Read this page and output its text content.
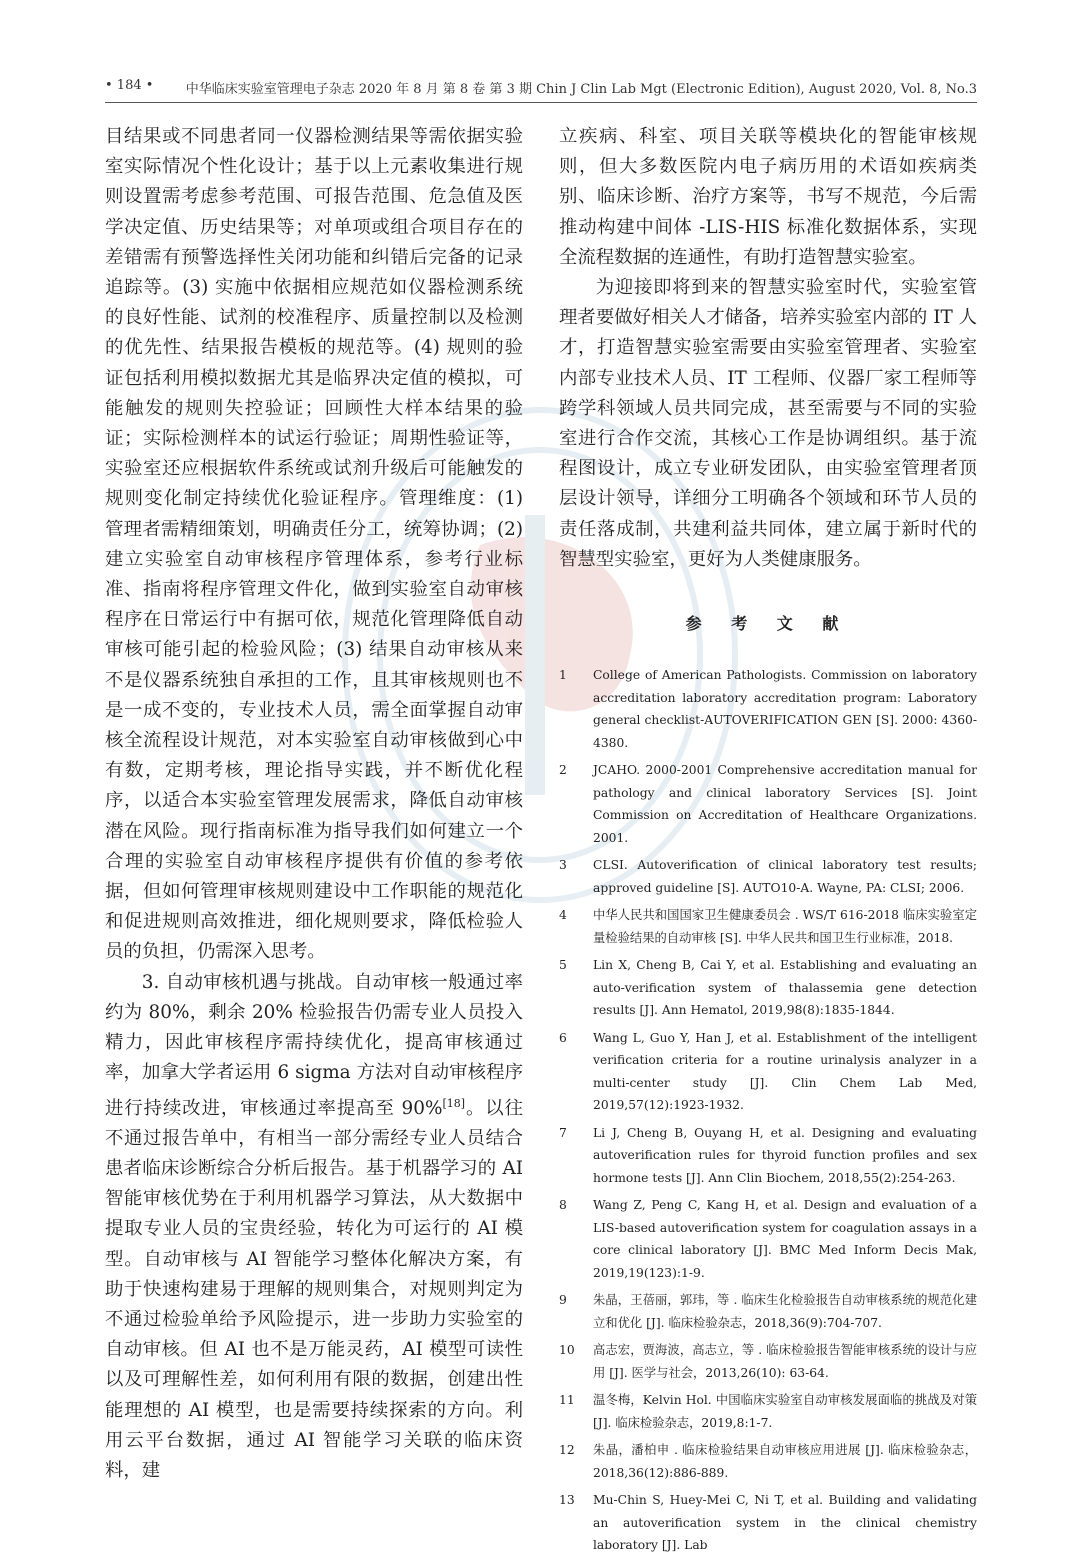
• 184 • 中华临床实验室管理电子杂志 2020 年 8 月 第 8 卷 第 3 期 Chin J Clin Lab Mgt (Electronic Edition), August 2020, Vol. 8, No.3

目结果或不同患者同一仪器检测结果等需依据实验室实际情况个性化设计；基于以上元素收集进行规则设置需考虑参考范围、可报告范围、危急值及医学决定值、历史结果等；对单项或组合项目存在的差错需有预警选择性关闭功能和纠错后完备的记录追踪等。(3) 实施中依据相应规范如仪器检测系统的良好性能、试剂的校准程序、质量控制以及检测的优先性、结果报告模板的规范等。(4) 规则的验证包括利用模拟数据尤其是临界决定值的模拟，可能触发的规则失控验证；回顾性大样本结果的验证；实际检测样本的试运行验证；周期性验证等，实验室还应根据软件系统或试剂升级后可能触发的规则变化制定持续优化验证程序。管理维度：(1) 管理者需精细策划，明确责任分工，统筹协调；(2) 建立实验室自动审核程序管理体系，参考行业标准、指南将程序管理文件化，做到实验室自动审核程序在日常运行中有据可依，规范化管理降低自动审核可能引起的检验风险；(3) 结果自动审核从来不是仪器系统独自承担的工作，且其审核规则也不是一成不变的，专业技术人员，需全面掌握自动审核全流程设计规范，对本实验室自动审核做到心中有数，定期考核，理论指导实践，并不断优化程序，以适合本实验室管理发展需求，降低自动审核潜在风险。现行指南标准为指导我们如何建立一个合理的实验室自动审核程序提供有价值的参考依据，但如何管理审核规则建设中工作职能的规范化和促进规则高效推进，细化规则要求，降低检验人员的负担，仍需深入思考。

3. 自动审核机遇与挑战。自动审核一般通过率约为 80%，剩余 20% 检验报告仍需专业人员投入精力，因此审核程序需持续优化，提高审核通过率，加拿大学者运用 6 sigma 方法对自动审核程序进行持续改进，审核通过率提高至 90%[18]。以往不通过报告单中，有相当一部分需经专业人员结合患者临床诊断综合分析后报告。基于机器学习的 AI 智能审核优势在于利用机器学习算法，从大数据中提取专业人员的宝贵经验，转化为可运行的 AI 模型。自动审核与 AI 智能学习整体化解决方案，有助于快速构建易于理解的规则集合，对规则判定为不通过检验单给予风险提示，进一步助力实验室的自动审核。但 AI 也不是万能灵药，AI 模型可读性以及可理解性差，如何利用有限的数据，创建出性能理想的 AI 模型，也是需要持续探索的方向。利用云平台数据，通过 AI 智能学习关联的临床资料，建

立疾病、科室、项目关联等模块化的智能审核规则，但大多数医院内电子病历用的术语如疾病类别、临床诊断、治疗方案等，书写不规范，今后需推动构建中间体 -LIS-HIS 标准化数据体系，实现全流程数据的连通性，有助打造智慧实验室。

为迎接即将到来的智慧实验室时代，实验室管理者要做好相关人才储备，培养实验室内部的 IT 人才，打造智慧实验室需要由实验室管理者、实验室内部专业技术人员、IT 工程师、仪器厂家工程师等跨学科领域人员共同完成，甚至需要与不同的实验室进行合作交流，其核心工作是协调组织。基于流程图设计，成立专业研发团队，由实验室管理者顶层设计领导，详细分工明确各个领域和环节人员的责任落成制，共建利益共同体，建立属于新时代的智慧型实验室，更好为人类健康服务。

参 考 文 献
1	College of American Pathologists. Commission on laboratory accreditation laboratory accreditation program: Laboratory general checklist-AUTOVERIFICATION GEN [S]. 2000: 4360-4380.
2	JCAHO. 2000-2001 Comprehensive accreditation manual for pathology and clinical laboratory Services [S]. Joint Commission on Accreditation of Healthcare Organizations. 2001.
3	CLSI. Autoverification of clinical laboratory test results; approved guideline [S]. AUTO10-A. Wayne, PA: CLSI; 2006.
4	中华人民共和国国家卫生健康委员会 . WS/T 616-2018 临床实验室定量检验结果的自动审核 [S]. 中华人民共和国卫生行业标准，2018.
5	Lin X, Cheng B, Cai Y, et al. Establishing and evaluating an auto-verification system of thalassemia gene detection results [J]. Ann Hematol, 2019,98(8):1835-1844.
6	Wang L, Guo Y, Han J, et al. Establishment of the intelligent verification criteria for a routine urinalysis analyzer in a multi-center study [J]. Clin Chem Lab Med, 2019,57(12):1923-1932.
7	Li J, Cheng B, Ouyang H, et al. Designing and evaluating autoverification rules for thyroid function profiles and sex hormone tests [J]. Ann Clin Biochem, 2018,55(2):254-263.
8	Wang Z, Peng C, Kang H, et al. Design and evaluation of a LIS-based autoverification system for coagulation assays in a core clinical laboratory [J]. BMC Med Inform Decis Mak, 2019,19(123):1-9.
9	朱晶，王蓓丽，郭玮，等 . 临床生化检验报告自动审核系统的规范化建立和优化 [J]. 临床检验杂志，2018,36(9):704-707.
10	高志宏，贾海波，高志立，等 . 临床检验报告智能审核系统的设计与应用 [J]. 医学与社会，2013,26(10): 63-64.
11	温冬梅，Kelvin Hol. 中国临床实验室自动审核发展面临的挑战及对策 [J]. 临床检验杂志，2019,8:1-7.
12	朱晶，潘柏申 . 临床检验结果自动审核应用进展 [J]. 临床检验杂志，2018,36(12):886-889.
13	Mu-Chin S, Huey-Mei C, Ni T, et al. Building and validating an autoverification system in the clinical chemistry laboratory [J]. Lab
